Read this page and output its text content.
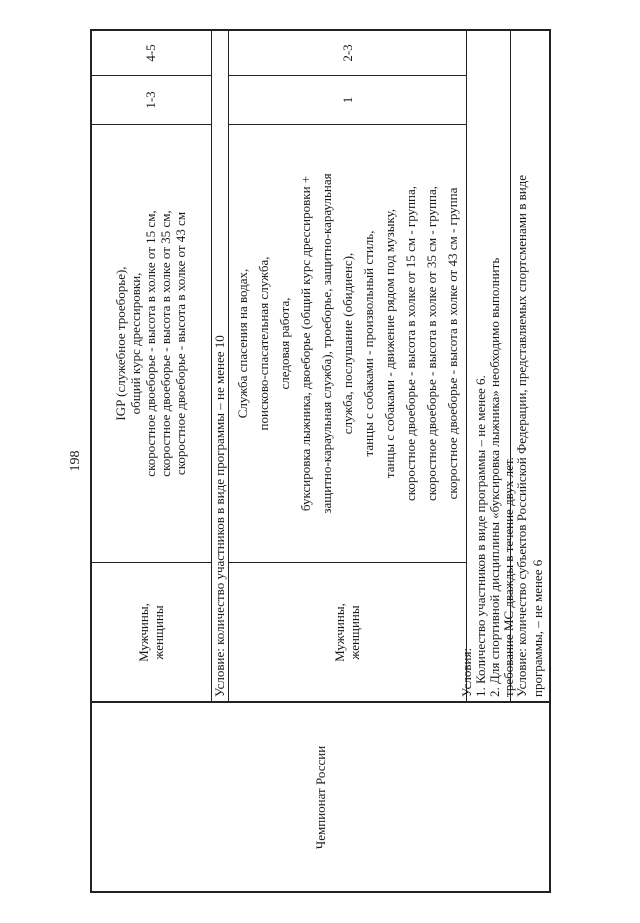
198
Чемпионат России
Мужчины, женщины
IGP (служебное троеборье), общий курс дрессировки, скоростное двоеборье - высота в холке от 15 см, скоростное двоеборье - высота в холке от 35 см, скоростное двоеборье - высота в холке от 43 см
1-3
4-5
Условие: количество участников в виде программы – не менее 10	Мужчины, женщины
Служба спасения на водах, поисково-спасательная служба, следовая работа, буксировка лыжника, двоеборье (общий курс дрессировки + защитно-караульная служба), троеборье, защитно-караульная служба, послушание (обидиенс), танцы с собаками - произвольный стиль, танцы с собаками - движение рядом под музыку, скоростное двоеборье - высота в холке от 15 см - группа, скоростное двоеборье - высота в холке от 35 см - группа, скоростное двоеборье - высота в холке от 43 см - группа
1
2-3
Условия: 1. Количество участников в виде программы – не менее 6. 2. Для спортивной дисциплины «буксировка лыжника» необходимо выполнить требование МС дважды в течение двух лет.
Условие: количество субъектов Российской Федерации, представляемых спортсменами в виде программы, – не менее 6
